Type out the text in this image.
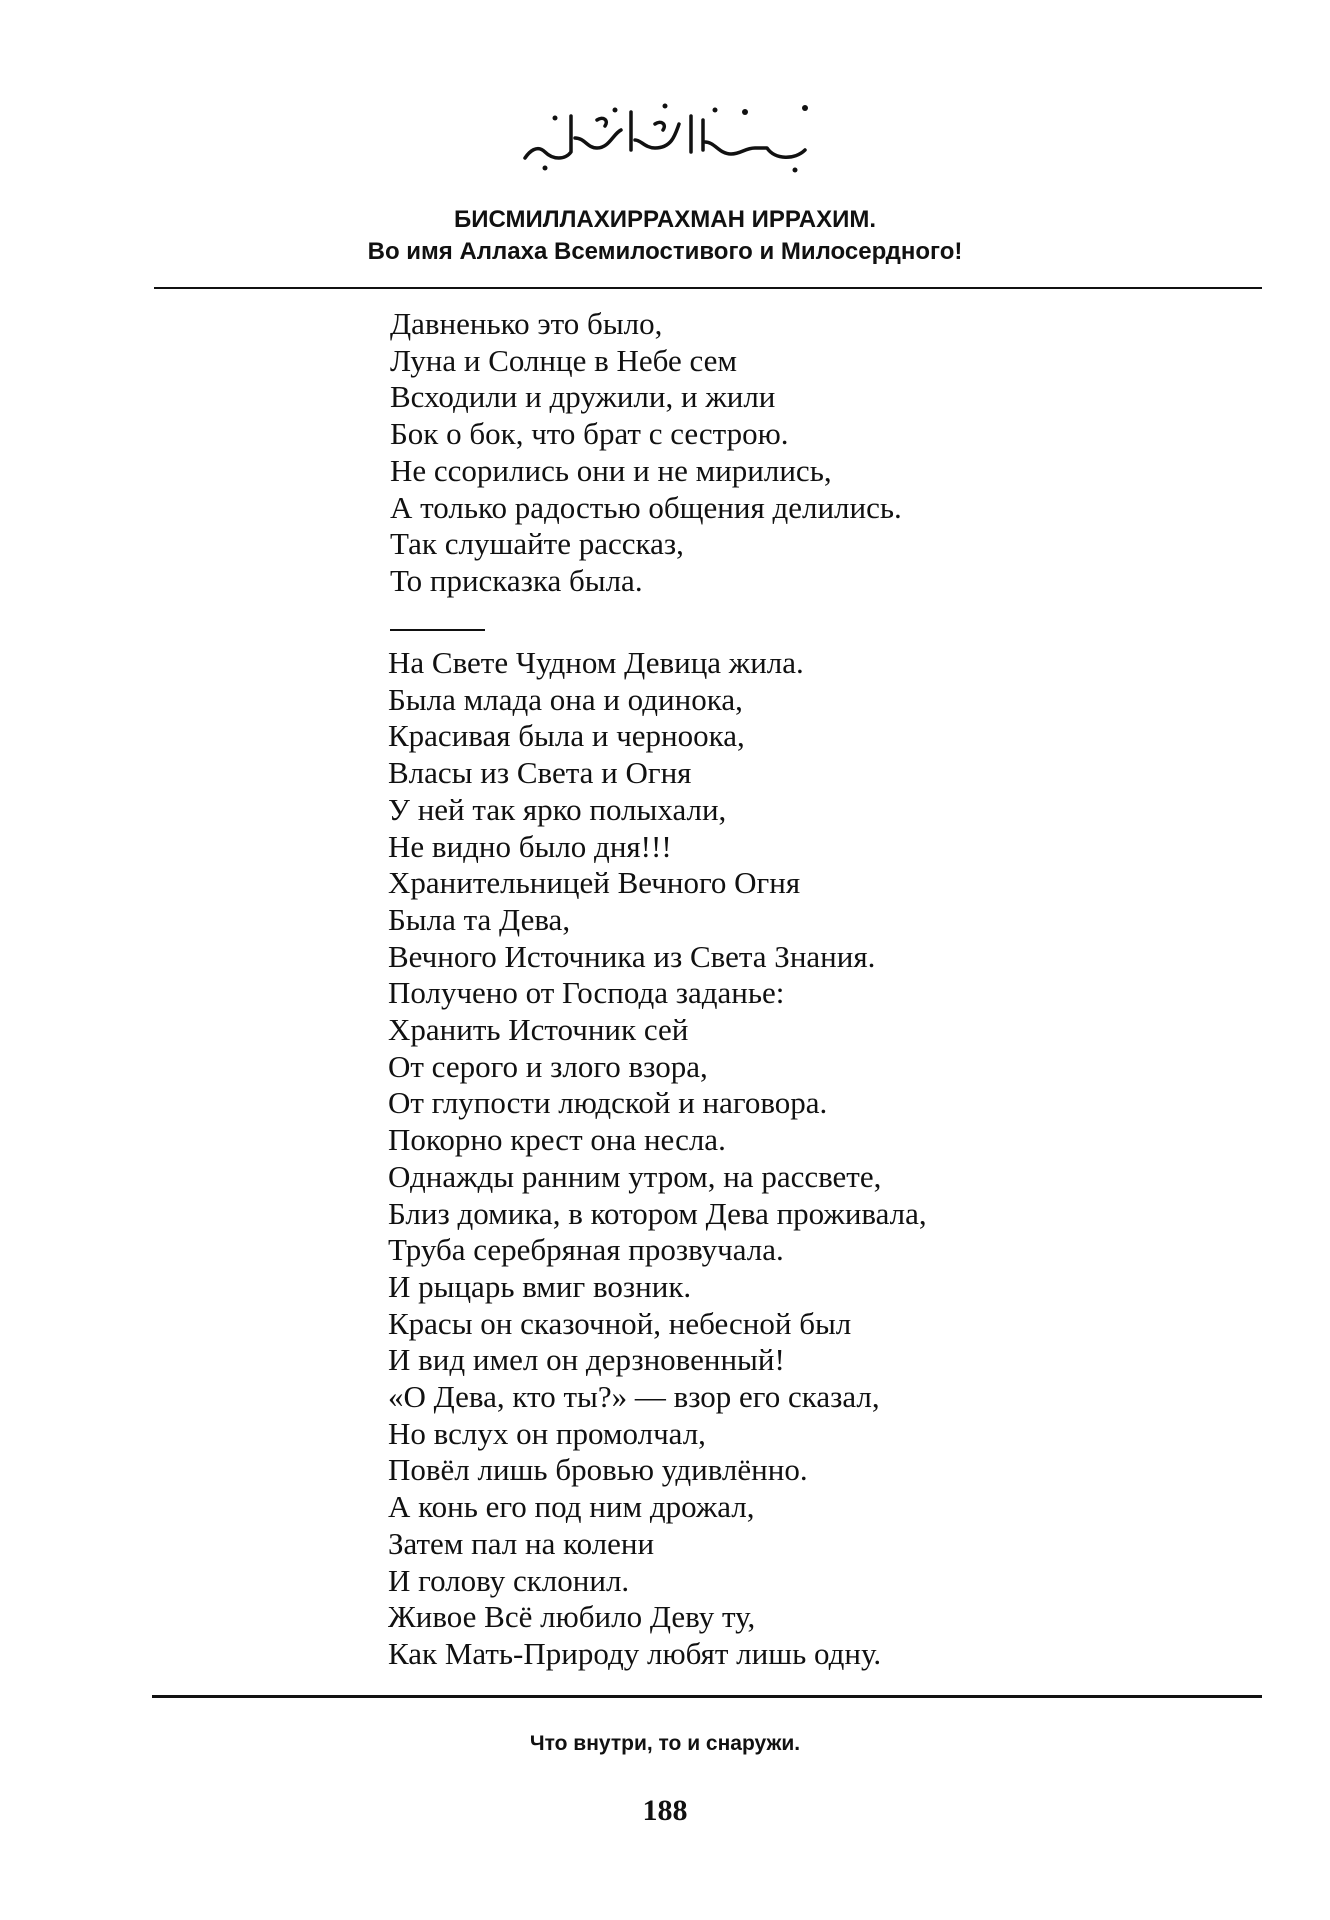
БИСМИЛЛАХИРРАХМАН ИРРАХИМ.
Во имя Аллаха Всемилостивого и Милосердного!
Давненько это было,
Луна и Солнце в Небе сем
Всходили и дружили, и жили
Бок о бок, что брат с сестрою.
Не ссорились они и не мирились,
А только радостью общения делились.
Так слушайте рассказ,
То присказка была.
На Свете Чудном Девица жила.
Была млада она и одинока,
Красивая была и черноока,
Власы из Света и Огня
У ней так ярко полыхали,
Не видно было дня!!!
Хранительницей Вечного Огня
Была та Дева,
Вечного Источника из Света Знания.
Получено от Господа заданье:
Хранить Источник сей
От серого и злого взора,
От глупости людской и наговора.
Покорно крест она несла.
Однажды ранним утром, на рассвете,
Близ домика, в котором Дева проживала,
Труба серебряная прозвучала.
И рыцарь вмиг возник.
Красы он сказочной, небесной был
И вид имел он дерзновенный!
«О Дева, кто ты?» — взор его сказал,
Но вслух он промолчал,
Повёл лишь бровью удивлённо.
А конь его под ним дрожал,
Затем пал на колени
И голову склонил.
Живое Всё любило Деву ту,
Как Мать-Природу любят лишь одну.
Что внутри, то и снаружи.
188
